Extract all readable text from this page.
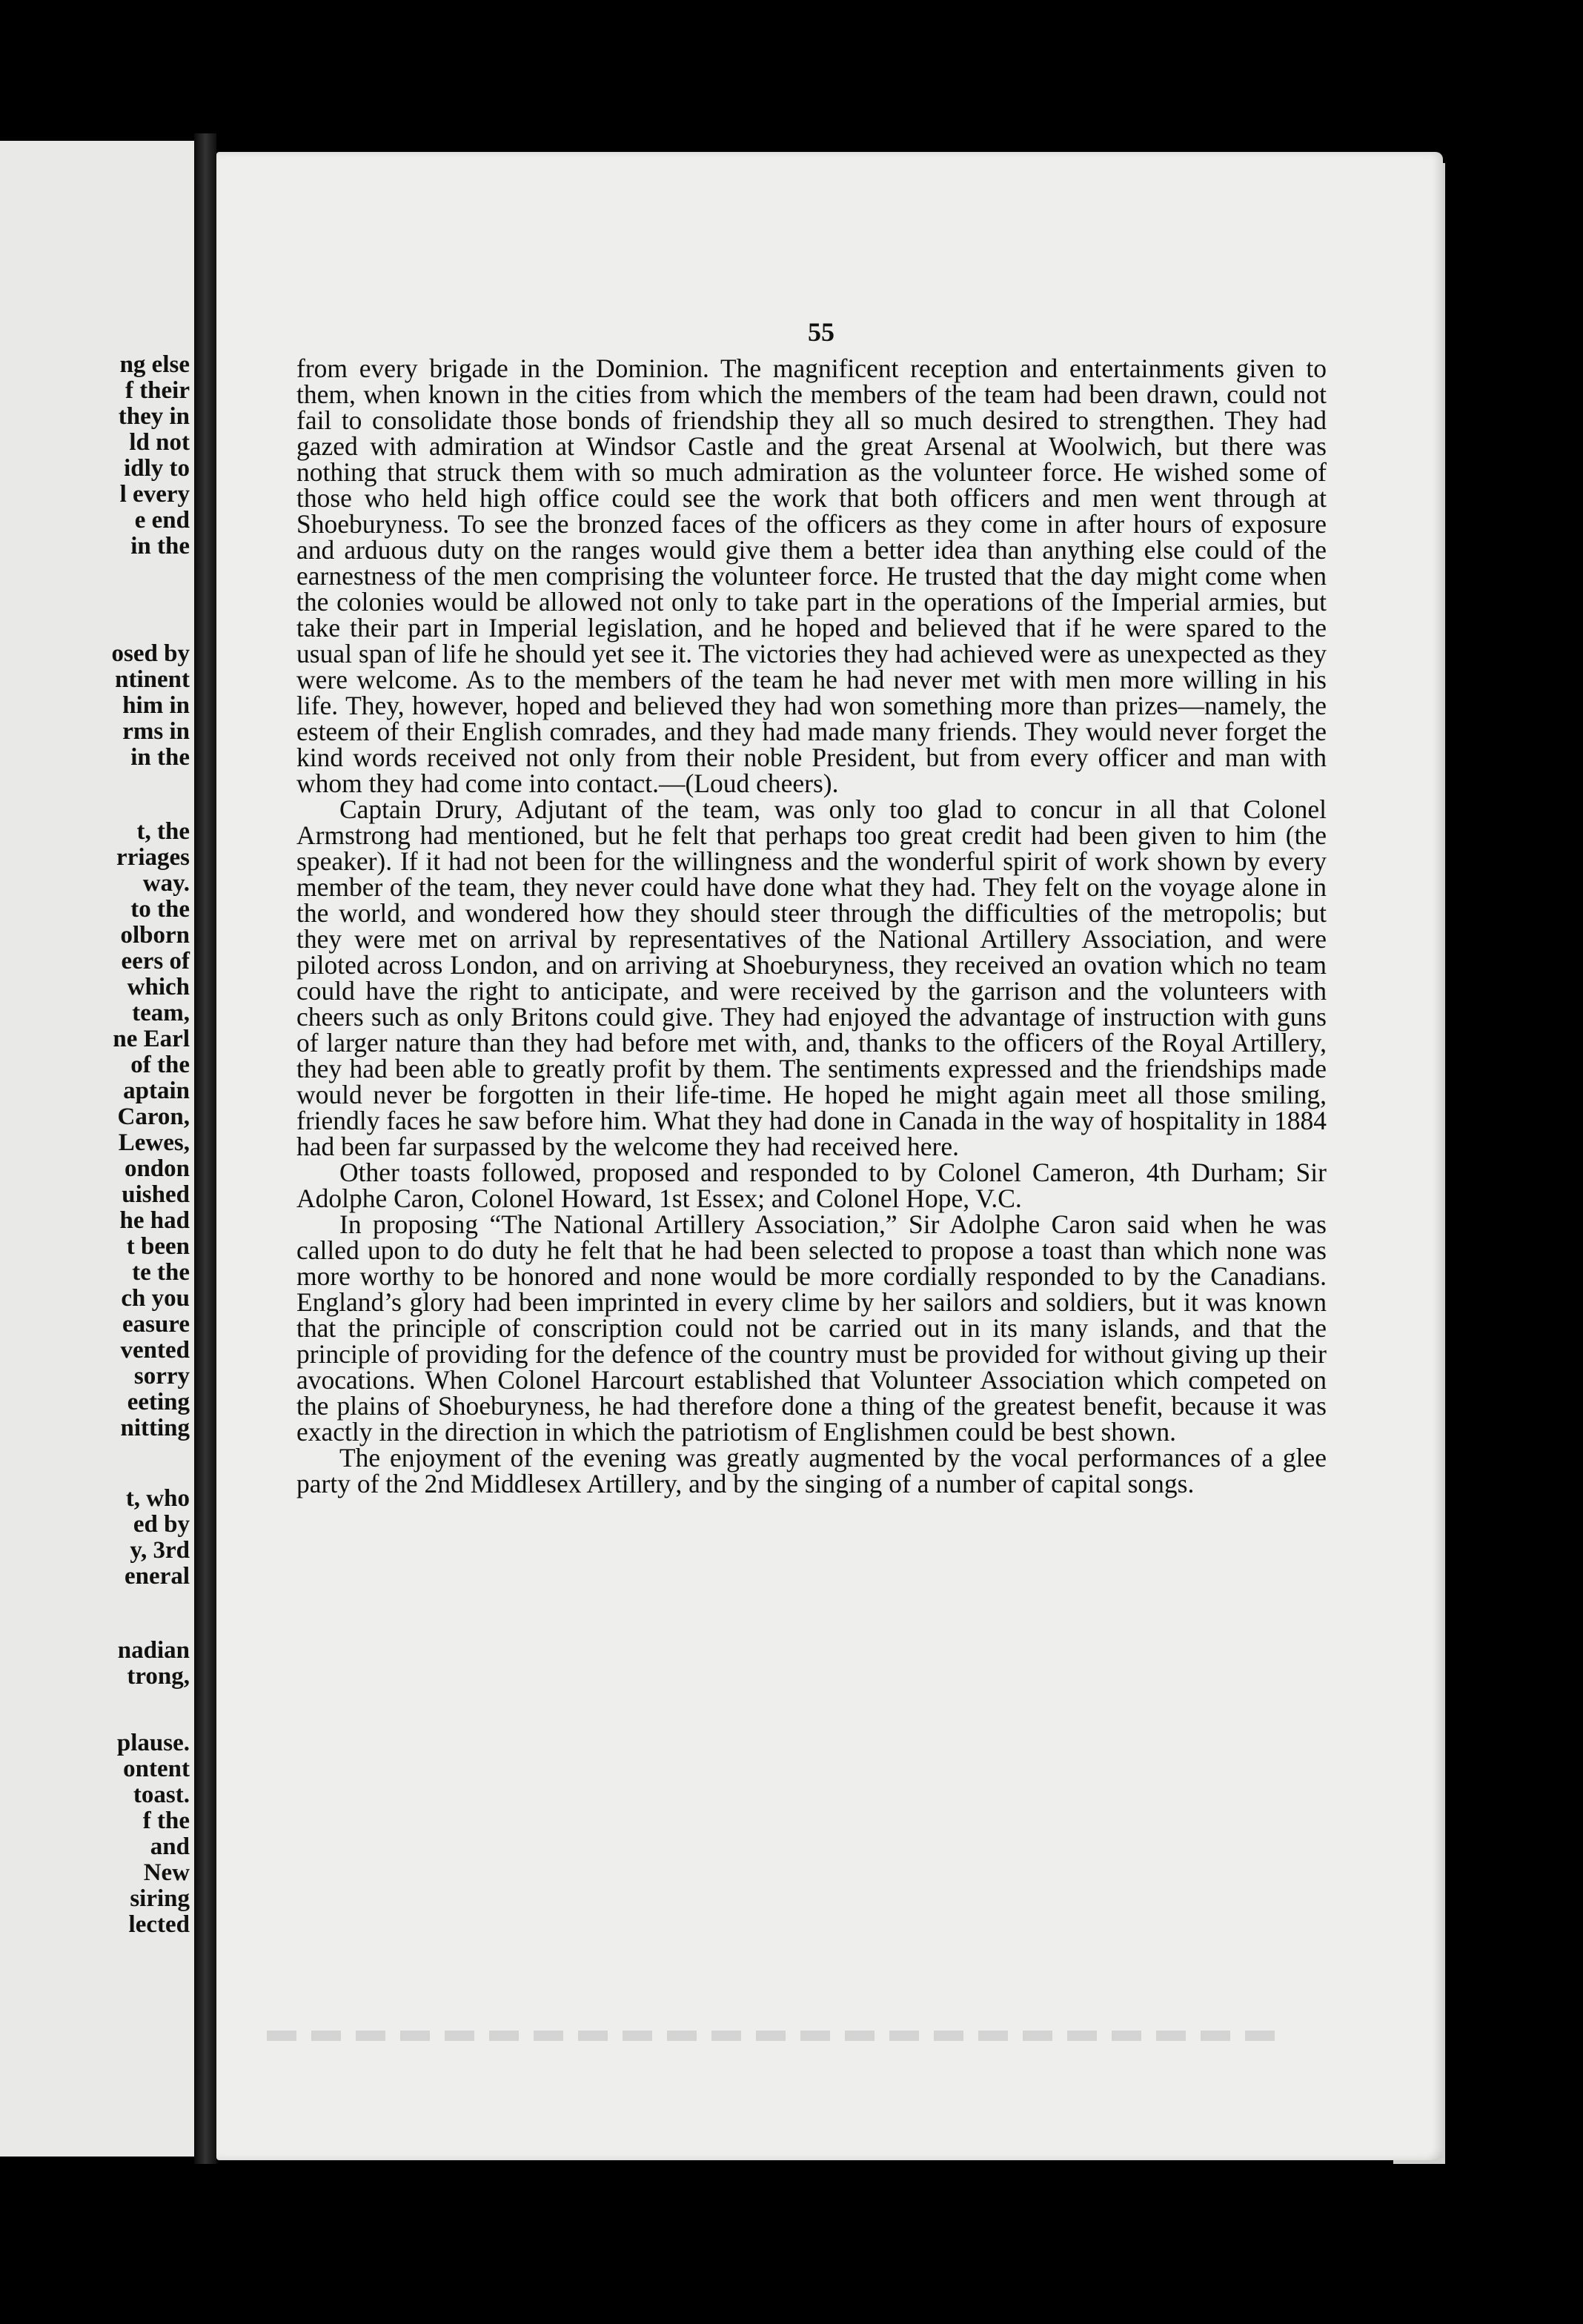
ng else
f their
they in
ld not
idly to
l every
e end
in the
osed by
ntinent
him in
rms in
in the
t, the
rriages
way.
to the
olborn
eers of
which
team,
ne Earl
of the
aptain
Caron,
Lewes,
ondon
uished
he had
t been
te the
ch you
easure
vented
sorry
eeting
nitting
t, who
ed by
y, 3rd
eneral
nadian
trong,
plause.
ontent
toast.
f the
and
New
siring
lected
55

from every brigade in the Dominion. The magnificent reception and entertainments given to them, when known in the cities from which the members of the team had been drawn, could not fail to consolidate those bonds of friendship they all so much desired to strengthen. They had gazed with admiration at Windsor Castle and the great Arsenal at Woolwich, but there was nothing that struck them with so much admiration as the volunteer force. He wished some of those who held high office could see the work that both officers and men went through at Shoeburyness. To see the bronzed faces of the officers as they come in after hours of exposure and arduous duty on the ranges would give them a better idea than anything else could of the earnestness of the men comprising the volunteer force. He trusted that the day might come when the colonies would be allowed not only to take part in the operations of the Imperial armies, but take their part in Imperial legislation, and he hoped and believed that if he were spared to the usual span of life he should yet see it. The victories they had achieved were as unexpected as they were welcome. As to the members of the team he had never met with men more willing in his life. They, however, hoped and believed they had won something more than prizes—namely, the esteem of their English comrades, and they had made many friends. They would never forget the kind words received not only from their noble President, but from every officer and man with whom they had come into contact.—(Loud cheers).

Captain Drury, Adjutant of the team, was only too glad to concur in all that Colonel Armstrong had mentioned, but he felt that perhaps too great credit had been given to him (the speaker). If it had not been for the willingness and the wonderful spirit of work shown by every member of the team, they never could have done what they had. They felt on the voyage alone in the world, and wondered how they should steer through the difficulties of the metropolis; but they were met on arrival by representatives of the National Artillery Association, and were piloted across London, and on arriving at Shoeburyness, they received an ovation which no team could have the right to anticipate, and were received by the garrison and the volunteers with cheers such as only Britons could give. They had enjoyed the advantage of instruction with guns of larger nature than they had before met with, and, thanks to the officers of the Royal Artillery, they had been able to greatly profit by them. The sentiments expressed and the friendships made would never be forgotten in their life-time. He hoped he might again meet all those smiling, friendly faces he saw before him. What they had done in Canada in the way of hospitality in 1884 had been far surpassed by the welcome they had received here.

Other toasts followed, proposed and responded to by Colonel Cameron, 4th Durham; Sir Adolphe Caron, Colonel Howard, 1st Essex; and Colonel Hope, V.C.

In proposing “The National Artillery Association,” Sir Adolphe Caron said when he was called upon to do duty he felt that he had been selected to propose a toast than which none was more worthy to be honored and none would be more cordially responded to by the Canadians. England’s glory had been imprinted in every clime by her sailors and soldiers, but it was known that the principle of conscription could not be carried out in its many islands, and that the principle of providing for the defence of the country must be provided for without giving up their avocations. When Colonel Harcourt established that Volunteer Association which competed on the plains of Shoeburyness, he had therefore done a thing of the greatest benefit, because it was exactly in the direction in which the patriotism of Englishmen could be best shown.

The enjoyment of the evening was greatly augmented by the vocal performances of a glee party of the 2nd Middlesex Artillery, and by the singing of a number of capital songs.
